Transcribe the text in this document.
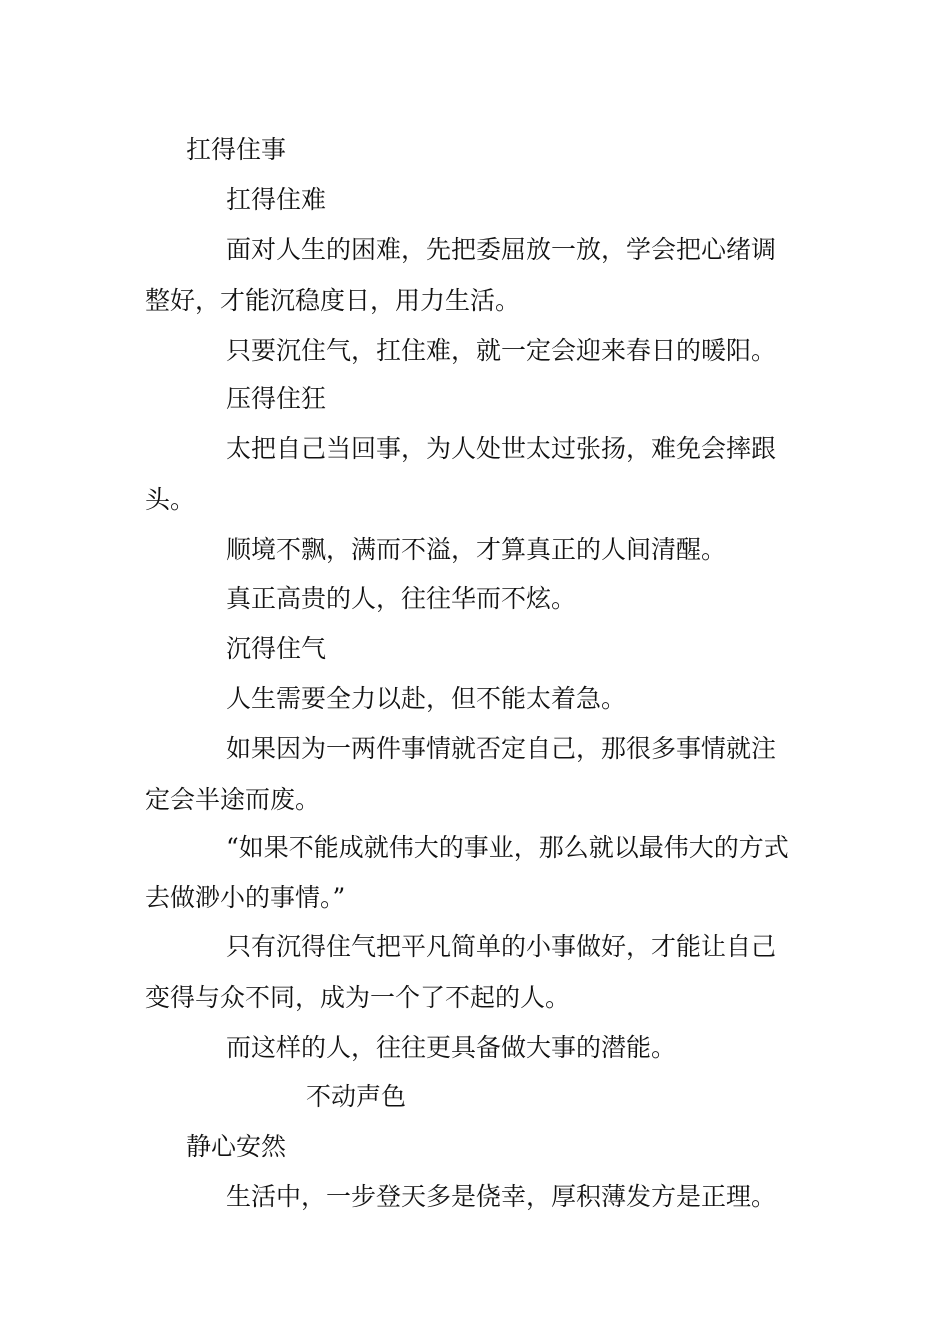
扛得住事

扛得住难

面对人生的困难，先把委屈放一放，学会把心绪调

整好，才能沉稳度日，用力生活。

只要沉住气，扛住难，就一定会迎来春日的暖阳。

压得住狂

太把自己当回事，为人处世太过张扬，难免会摔跟

头。

顺境不飘，满而不溢，才算真正的人间清醒。

真正高贵的人，往往华而不炫。

沉得住气

人生需要全力以赴，但不能太着急。

如果因为一两件事情就否定自己，那很多事情就注

定会半途而废。

“如果不能成就伟大的事业，那么就以最伟大的方式

去做渺小的事情。”

只有沉得住气把平凡简单的小事做好，才能让自己

变得与众不同，成为一个了不起的人。

而这样的人，往往更具备做大事的潜能。

不动声色

静心安然

生活中，一步登天多是侥幸，厚积薄发方是正理。
